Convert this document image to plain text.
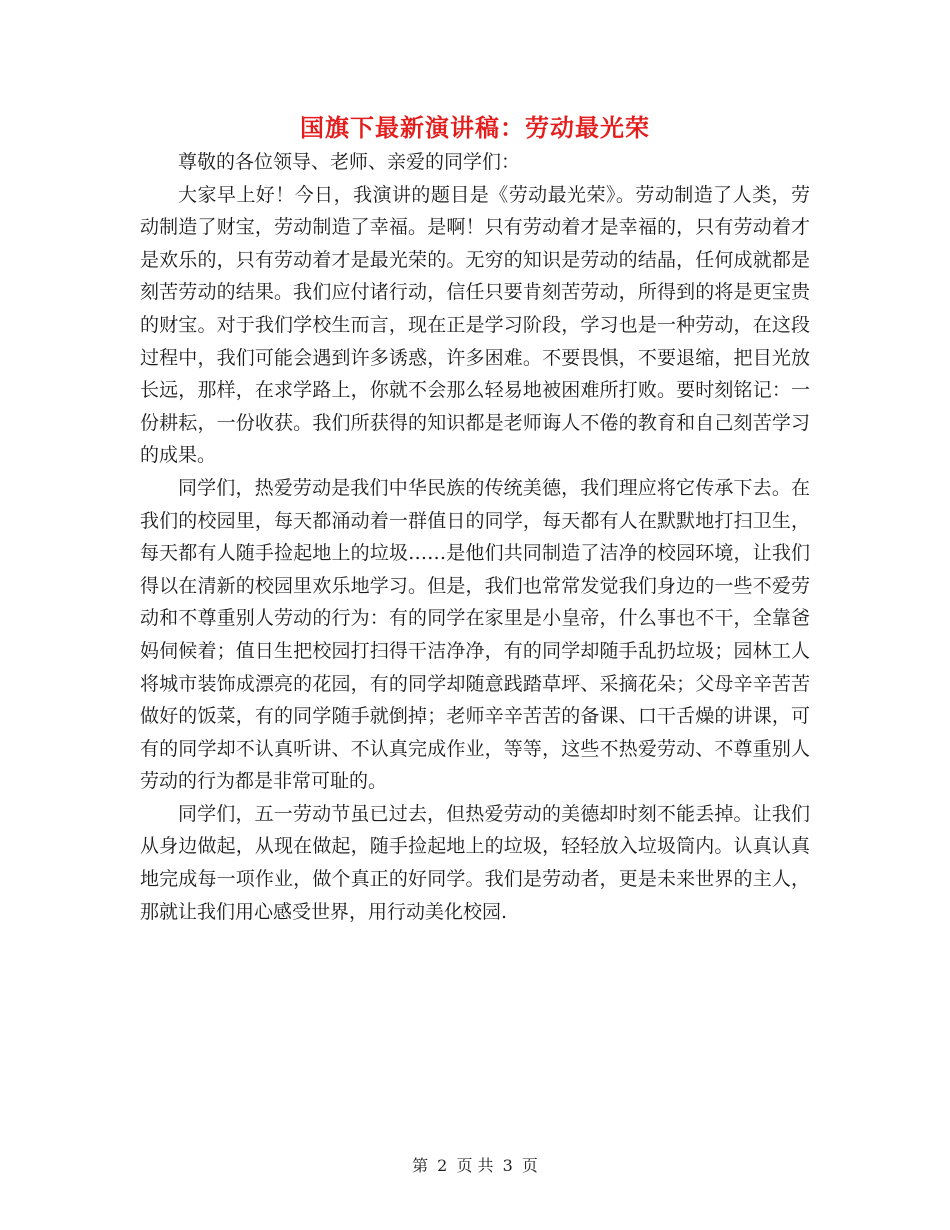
国旗下最新演讲稿：劳动最光荣

尊敬的各位领导、老师、亲爱的同学们：

大家早上好！今日，我演讲的题目是《劳动最光荣》。劳动制造了人类，劳动制造了财宝，劳动制造了幸福。是啊！只有劳动着才是幸福的，只有劳动着才是欢乐的，只有劳动着才是最光荣的。无穷的知识是劳动的结晶，任何成就都是刻苦劳动的结果。我们应付诸行动，信任只要肯刻苦劳动，所得到的将是更宝贵的财宝。对于我们学校生而言，现在正是学习阶段，学习也是一种劳动，在这段过程中，我们可能会遇到许多诱惑，许多困难。不要畏惧，不要退缩，把目光放长远，那样，在求学路上，你就不会那么轻易地被困难所打败。要时刻铭记：一份耕耘，一份收获。我们所获得的知识都是老师诲人不倦的教育和自己刻苦学习的成果。

同学们，热爱劳动是我们中华民族的传统美德，我们理应将它传承下去。在我们的校园里，每天都涌动着一群值日的同学，每天都有人在默默地打扫卫生，每天都有人随手捡起地上的垃圾……是他们共同制造了洁净的校园环境，让我们得以在清新的校园里欢乐地学习。但是，我们也常常发觉我们身边的一些不爱劳动和不尊重别人劳动的行为：有的同学在家里是小皇帝，什么事也不干，全靠爸妈伺候着；值日生把校园打扫得干洁净净，有的同学却随手乱扔垃圾；园林工人将城市装饰成漂亮的花园，有的同学却随意践踏草坪、采摘花朵；父母辛辛苦苦做好的饭菜，有的同学随手就倒掉；老师辛辛苦苦的备课、口干舌燥的讲课，可有的同学却不认真听讲、不认真完成作业，等等，这些不热爱劳动、不尊重别人劳动的行为都是非常可耻的。

同学们，五一劳动节虽已过去，但热爱劳动的美德却时刻不能丢掉。让我们从身边做起，从现在做起，随手捡起地上的垃圾，轻轻放入垃圾筒内。认真认真地完成每一项作业，做个真正的好同学。我们是劳动者，更是未来世界的主人，那就让我们用心感受世界，用行动美化校园.

第 2 页 共 3 页
